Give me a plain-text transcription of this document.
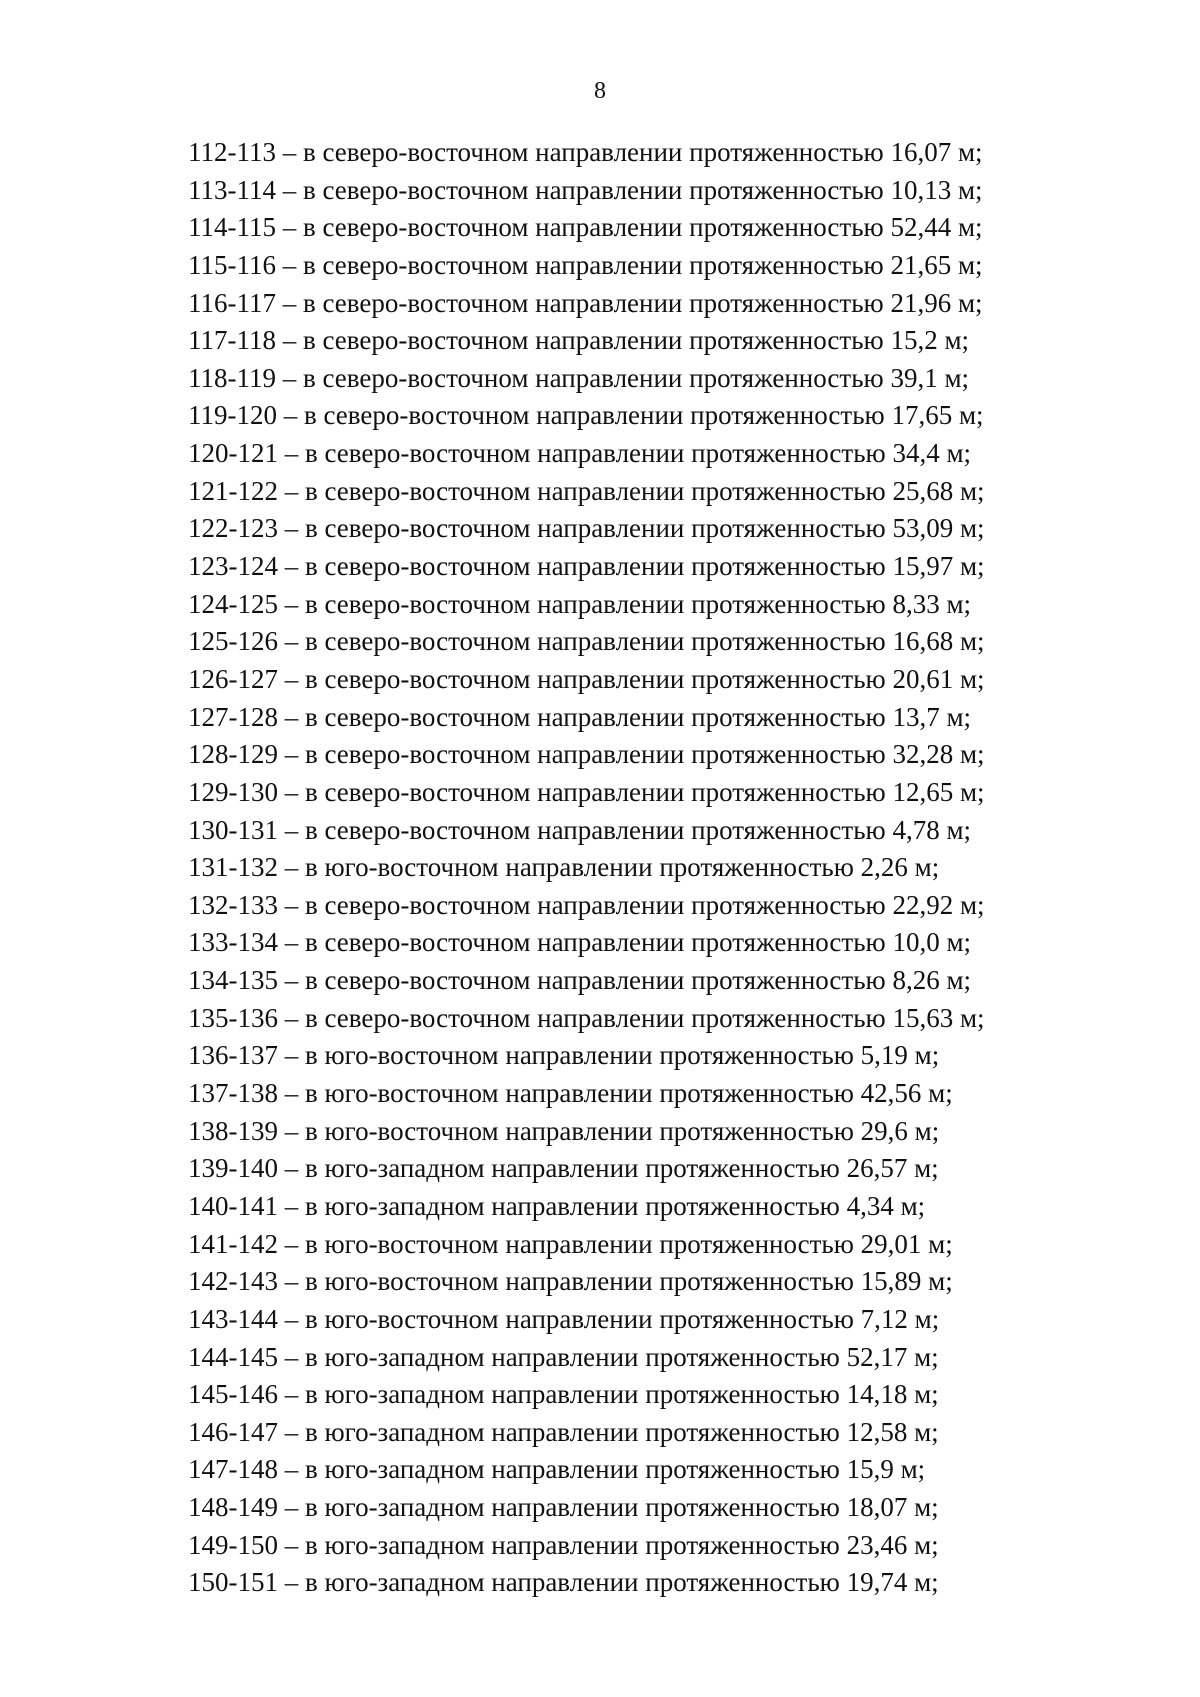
8
112-113 – в северо-восточном направлении протяженностью 16,07 м;
113-114 – в северо-восточном направлении протяженностью 10,13 м;
114-115 – в северо-восточном направлении протяженностью 52,44 м;
115-116 – в северо-восточном направлении протяженностью 21,65 м;
116-117 – в северо-восточном направлении протяженностью 21,96 м;
117-118 – в северо-восточном направлении протяженностью 15,2 м;
118-119 – в северо-восточном направлении протяженностью 39,1 м;
119-120 – в северо-восточном направлении протяженностью 17,65 м;
120-121 – в северо-восточном направлении протяженностью 34,4 м;
121-122 – в северо-восточном направлении протяженностью 25,68 м;
122-123 – в северо-восточном направлении протяженностью 53,09 м;
123-124 – в северо-восточном направлении протяженностью 15,97 м;
124-125 – в северо-восточном направлении протяженностью 8,33 м;
125-126 – в северо-восточном направлении протяженностью 16,68 м;
126-127 – в северо-восточном направлении протяженностью 20,61 м;
127-128 – в северо-восточном направлении протяженностью 13,7 м;
128-129 – в северо-восточном направлении протяженностью 32,28 м;
129-130 – в северо-восточном направлении протяженностью 12,65 м;
130-131 – в северо-восточном направлении протяженностью 4,78 м;
131-132 – в юго-восточном направлении протяженностью 2,26 м;
132-133 – в северо-восточном направлении протяженностью 22,92 м;
133-134 – в северо-восточном направлении протяженностью 10,0 м;
134-135 – в северо-восточном направлении протяженностью 8,26 м;
135-136 – в северо-восточном направлении протяженностью 15,63 м;
136-137 – в юго-восточном направлении протяженностью 5,19 м;
137-138 – в юго-восточном направлении протяженностью 42,56 м;
138-139 – в юго-восточном направлении протяженностью 29,6 м;
139-140 – в юго-западном направлении протяженностью 26,57 м;
140-141 – в юго-западном направлении протяженностью 4,34 м;
141-142 – в юго-восточном направлении протяженностью 29,01 м;
142-143 – в юго-восточном направлении протяженностью 15,89 м;
143-144 – в юго-восточном направлении протяженностью 7,12 м;
144-145 – в юго-западном направлении протяженностью 52,17 м;
145-146 – в юго-западном направлении протяженностью 14,18 м;
146-147 – в юго-западном направлении протяженностью 12,58 м;
147-148 – в юго-западном направлении протяженностью 15,9 м;
148-149 – в юго-западном направлении протяженностью 18,07 м;
149-150 – в юго-западном направлении протяженностью 23,46 м;
150-151 – в юго-западном направлении протяженностью 19,74 м;
